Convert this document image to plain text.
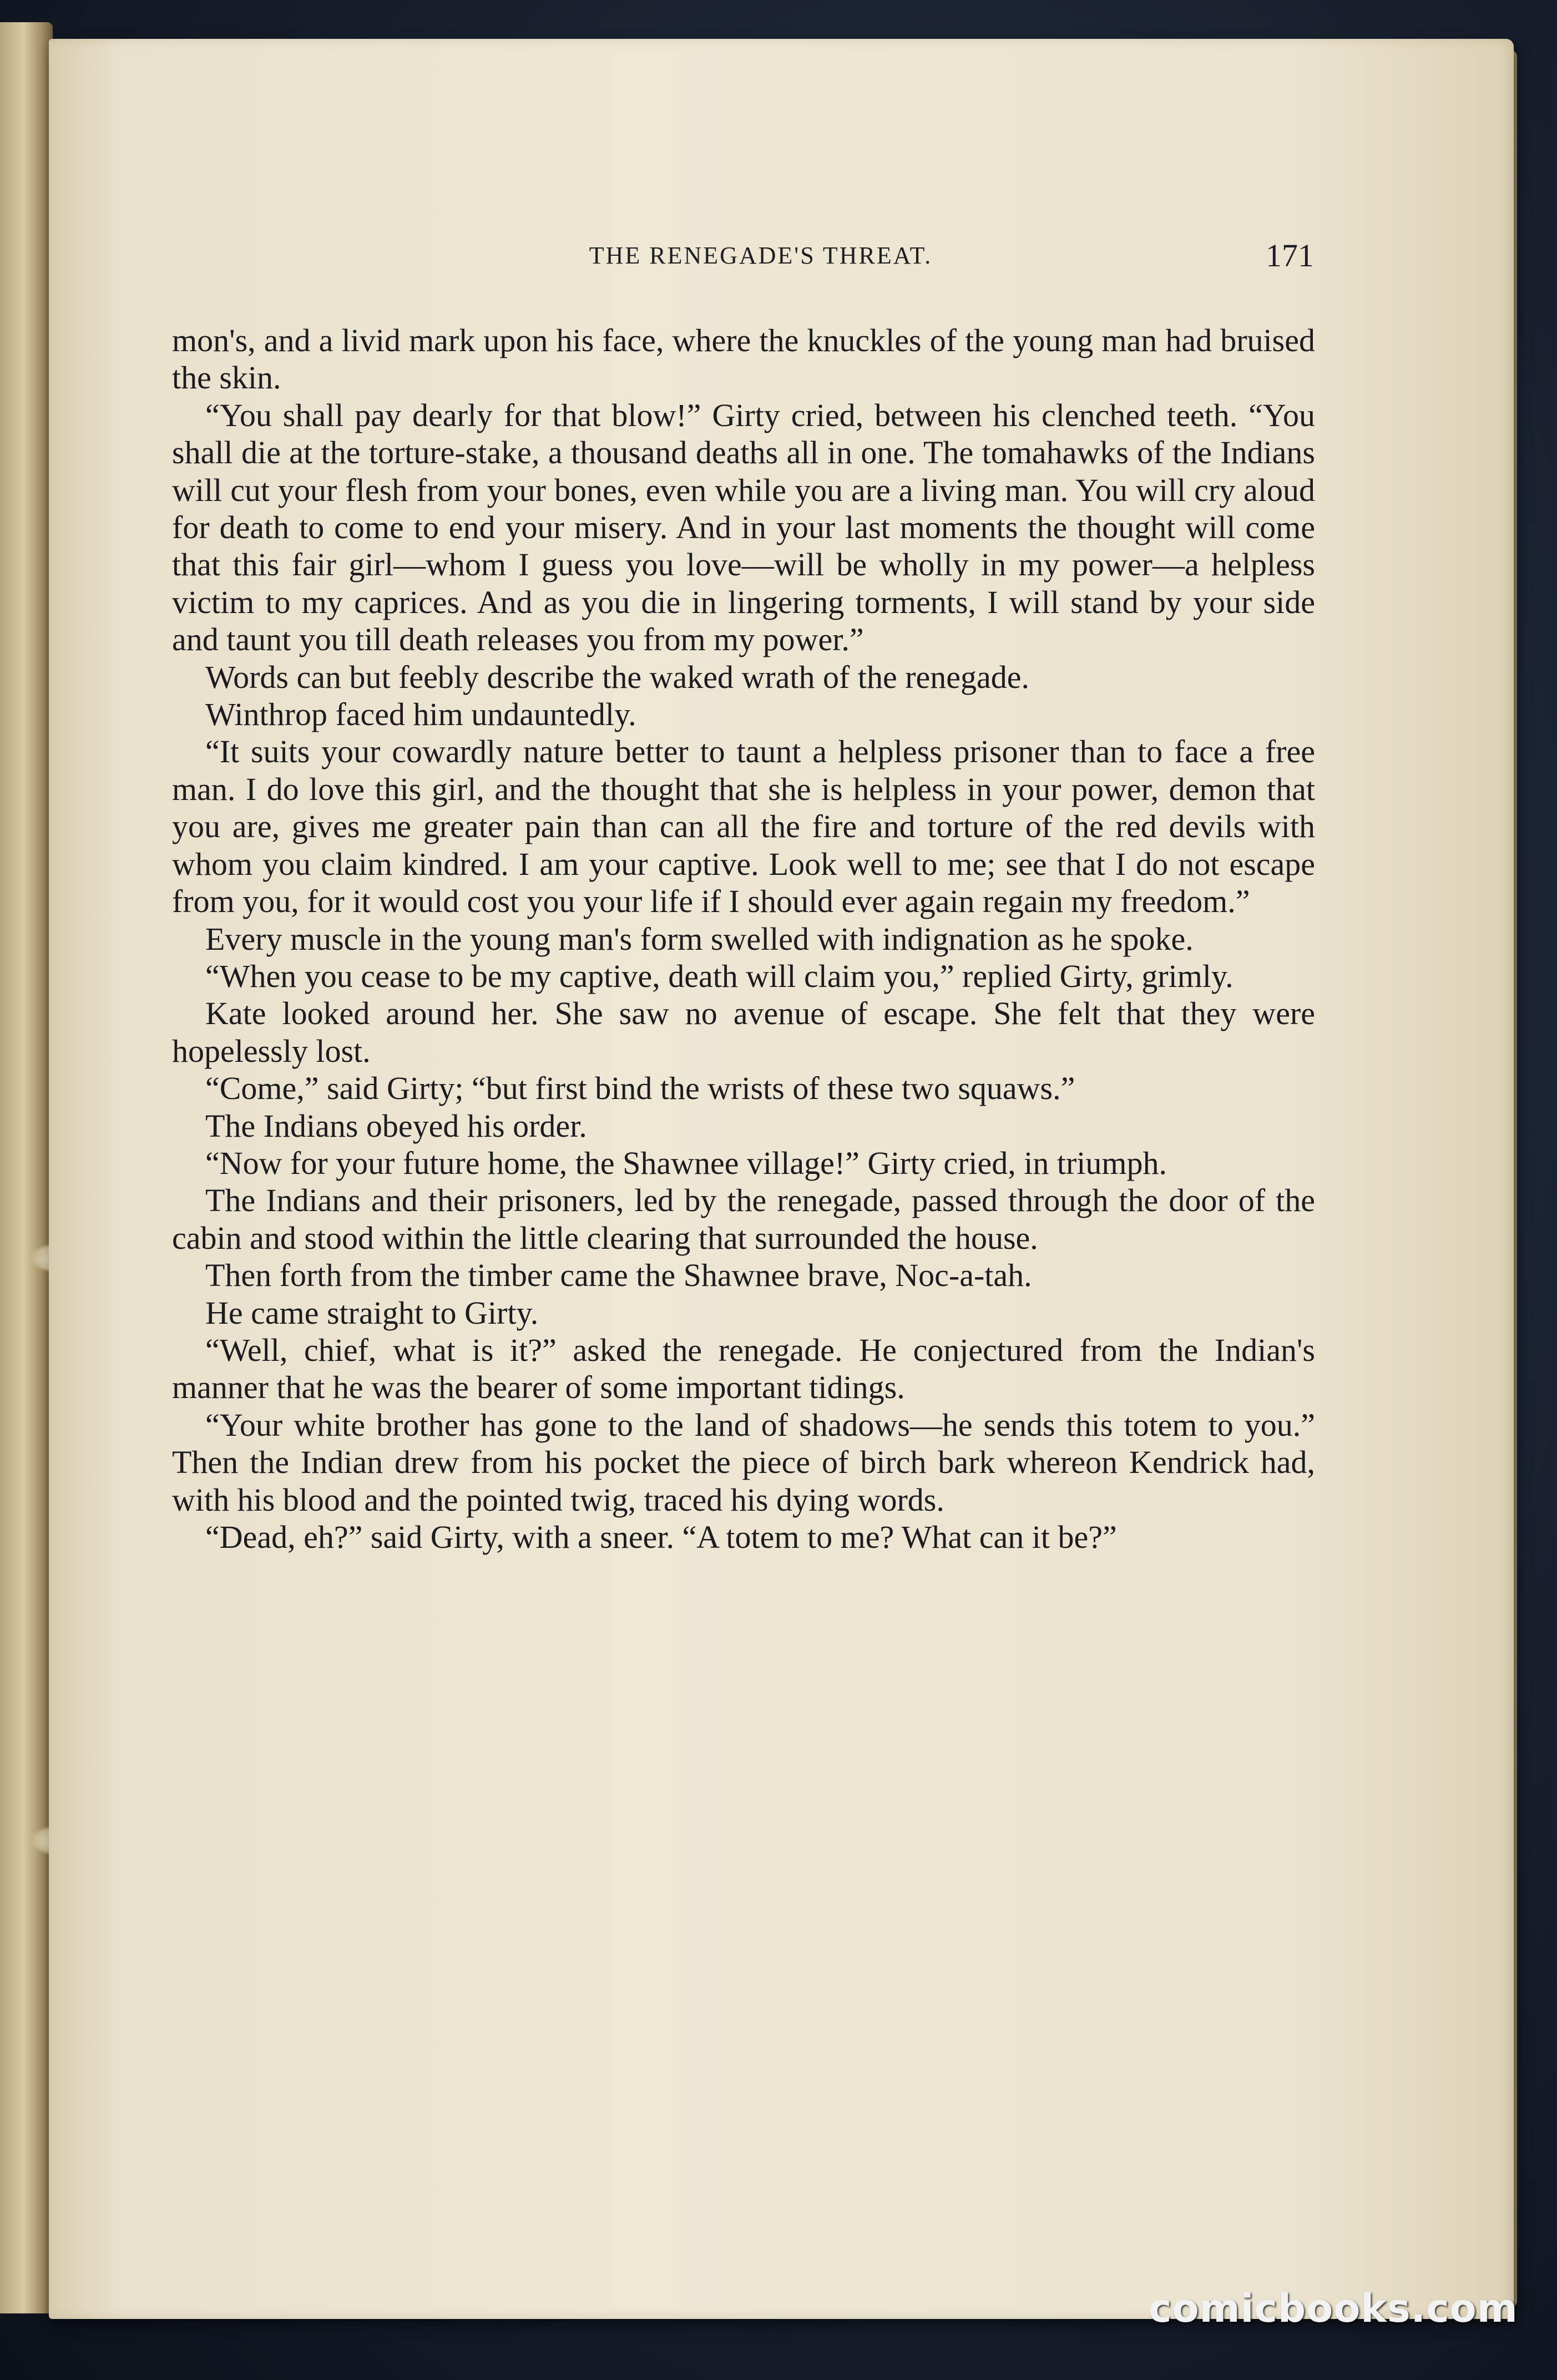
THE RENEGADE'S THREAT.	171

mon's, and a livid mark upon his face, where the knuckles of the young man had bruised the skin.

“You shall pay dearly for that blow!” Girty cried, between his clenched teeth. “You shall die at the torture-stake, a thousand deaths all in one. The tomahawks of the Indians will cut your flesh from your bones, even while you are a living man. You will cry aloud for death to come to end your misery. And in your last moments the thought will come that this fair girl—whom I guess you love—will be wholly in my power—a helpless victim to my caprices. And as you die in lingering torments, I will stand by your side and taunt you till death releases you from my power.”

Words can but feebly describe the waked wrath of the renegade.

Winthrop faced him undauntedly.

“It suits your cowardly nature better to taunt a helpless prisoner than to face a free man. I do love this girl, and the thought that she is helpless in your power, demon that you are, gives me greater pain than can all the fire and torture of the red devils with whom you claim kindred. I am your captive. Look well to me; see that I do not escape from you, for it would cost you your life if I should ever again regain my freedom.”

Every muscle in the young man's form swelled with indignation as he spoke.

“When you cease to be my captive, death will claim you,” replied Girty, grimly.

Kate looked around her. She saw no avenue of escape. She felt that they were hopelessly lost.

“Come,” said Girty; “but first bind the wrists of these two squaws.”

The Indians obeyed his order.

“Now for your future home, the Shawnee village!” Girty cried, in triumph.

The Indians and their prisoners, led by the renegade, passed through the door of the cabin and stood within the little clearing that surrounded the house.

Then forth from the timber came the Shawnee brave, Noc-a-tah.

He came straight to Girty.

“Well, chief, what is it?” asked the renegade. He conjectured from the Indian's manner that he was the bearer of some important tidings.

“Your white brother has gone to the land of shadows—he sends this totem to you.” Then the Indian drew from his pocket the piece of birch bark whereon Kendrick had, with his blood and the pointed twig, traced his dying words.

“Dead, eh?” said Girty, with a sneer. “A totem to me? What can it be?”

comicbooks.com
